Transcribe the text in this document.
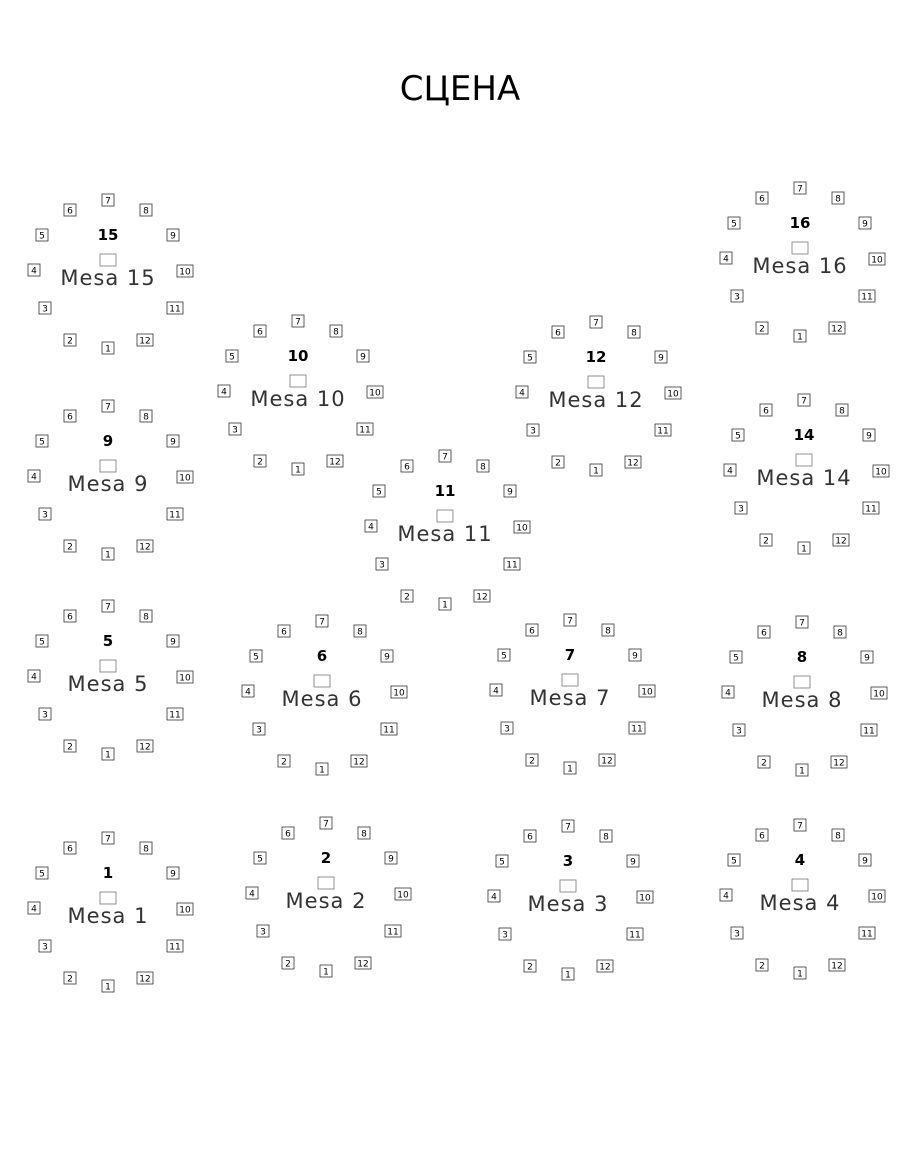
СЦЕНА
15
Mesa 15
1
2
3
4
5
6
7
8
9
10
11
12
16
Mesa 16
1
2
3
4
5
6
7
8
9
10
11
12
10
Mesa 10
1
2
3
4
5
6
7
8
9
10
11
12
12
Mesa 12
1
2
3
4
5
6
7
8
9
10
11
12
9
Mesa 9
1
2
3
4
5
6
7
8
9
10
11
12
14
Mesa 14
1
2
3
4
5
6
7
8
9
10
11
12
11
Mesa 11
1
2
3
4
5
6
7
8
9
10
11
12
5
Mesa 5
1
2
3
4
5
6
7
8
9
10
11
12
6
Mesa 6
1
2
3
4
5
6
7
8
9
10
11
12
7
Mesa 7
1
2
3
4
5
6
7
8
9
10
11
12
8
Mesa 8
1
2
3
4
5
6
7
8
9
10
11
12
1
Mesa 1
1
2
3
4
5
6
7
8
9
10
11
12
2
Mesa 2
1
2
3
4
5
6
7
8
9
10
11
12
3
Mesa 3
1
2
3
4
5
6
7
8
9
10
11
12
4
Mesa 4
1
2
3
4
5
6
7
8
9
10
11
12
